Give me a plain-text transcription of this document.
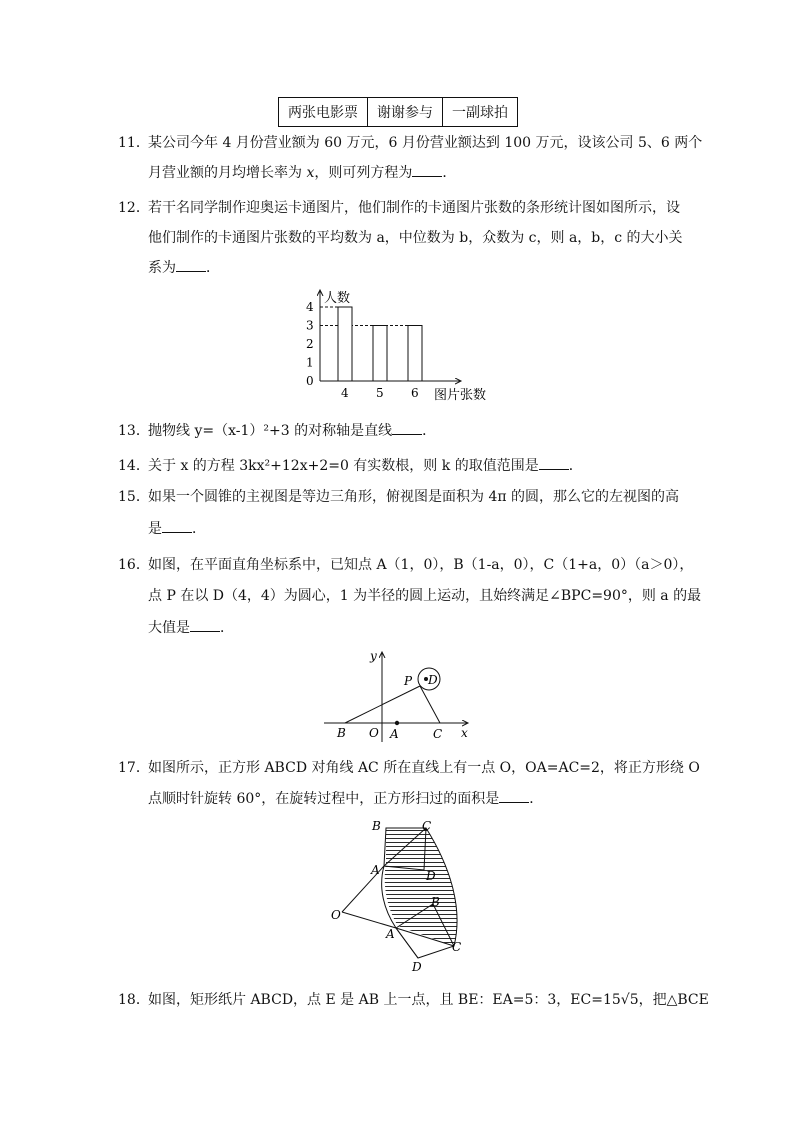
两张电影票	谢谢参与	一副球拍
11．
某公司今年 4 月份营业额为 60 万元，6 月份营业额达到 100 万元，设该公司 5、6 两个
月营业额的月均增长率为 x，则可列方程为 ．
12．
若干名同学制作迎奥运卡通图片，他们制作的卡通图片张数的条形统计图如图所示，设
他们制作的卡通图片张数的平均数为 a，中位数为 b，众数为 c，则 a，b，c 的大小关
系为 ．
0
1
2
3
4
4 5 6
人数
图片张数
13．
抛物线 y=（x-1）²+3 的对称轴是直线 ．
14．
关于 x 的方程 3kx²+12x+2=0 有实数根，则 k 的取值范围是 ．
15．
如果一个圆锥的主视图是等边三角形，俯视图是面积为 4π 的圆，那么它的左视图的高
是 ．
16．
如图，在平面直角坐标系中，已知点 A（1，0），B（1-a，0），C（1+a，0）（a＞0），
点 P 在以 D（4，4）为圆心，1 为半径的圆上运动，且始终满足∠BPC=90°，则 a 的最
大值是 ．
y
x
P D
B O A	C
17．
如图所示，正方形 ABCD 对角线 AC 所在直线上有一点 O，OA=AC=2，将正方形绕 O
点顺时针旋转 60°，在旋转过程中，正方形扫过的面积是 ．
B	C
A	D
O
B
A
C
D
18．
如图，矩形纸片 ABCD，点 E 是 AB 上一点，且 BE：EA=5：3，EC=15√5，把△BCE
